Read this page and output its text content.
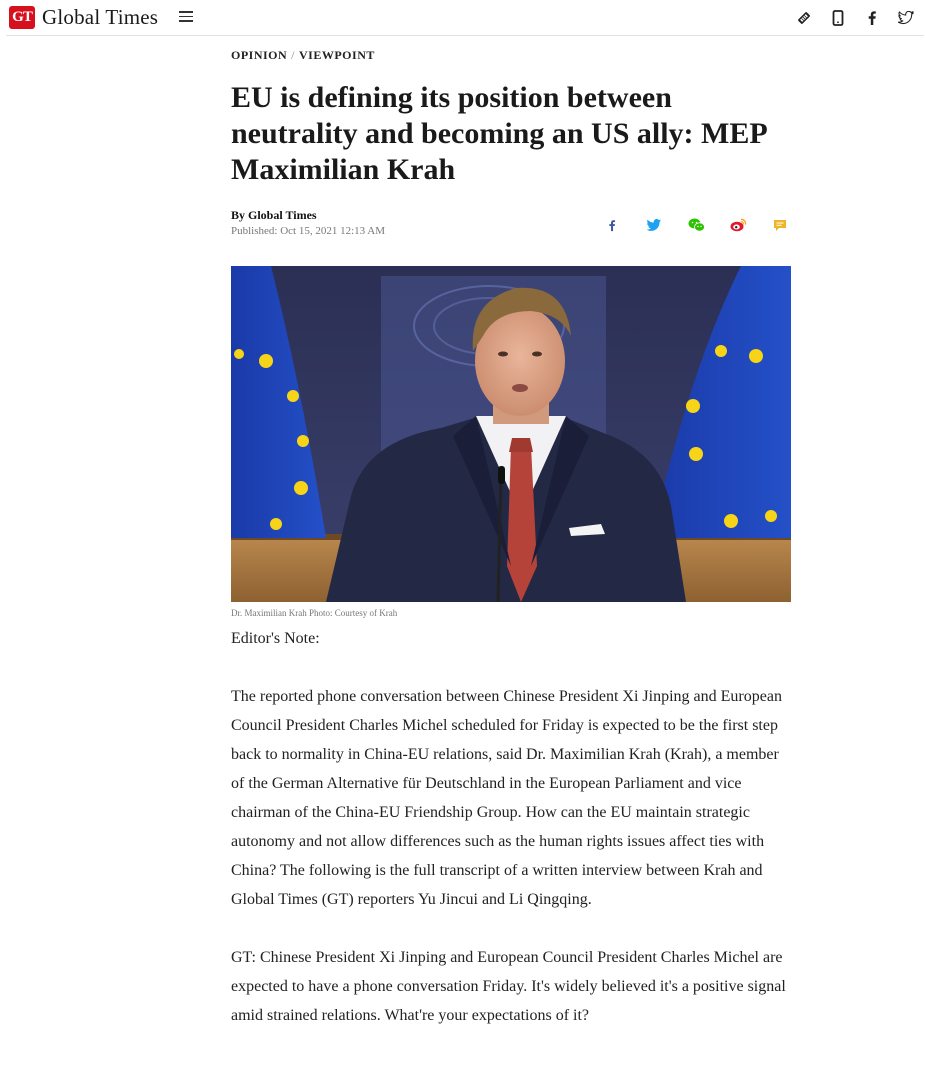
GT Global Times
OPINION / VIEWPOINT
EU is defining its position between neutrality and becoming an US ally: MEP Maximilian Krah
By Global Times
Published: Oct 15, 2021 12:13 AM
Dr. Maximilian Krah Photo: Courtesy of Krah

Editor's Note:

The reported phone conversation between Chinese President Xi Jinping and European Council President Charles Michel scheduled for Friday is expected to be the first step back to normality in China-EU relations, said Dr. Maximilian Krah (Krah), a member of the German Alternative für Deutschland in the European Parliament and vice chairman of the China-EU Friendship Group. How can the EU maintain strategic autonomy and not allow differences such as the human rights issues affect ties with China? The following is the full transcript of a written interview between Krah and Global Times (GT) reporters Yu Jincui and Li Qingqing.

GT: Chinese President Xi Jinping and European Council President Charles Michel are expected to have a phone conversation Friday. It's widely believed it's a positive signal amid strained relations. What're your expectations of it?
